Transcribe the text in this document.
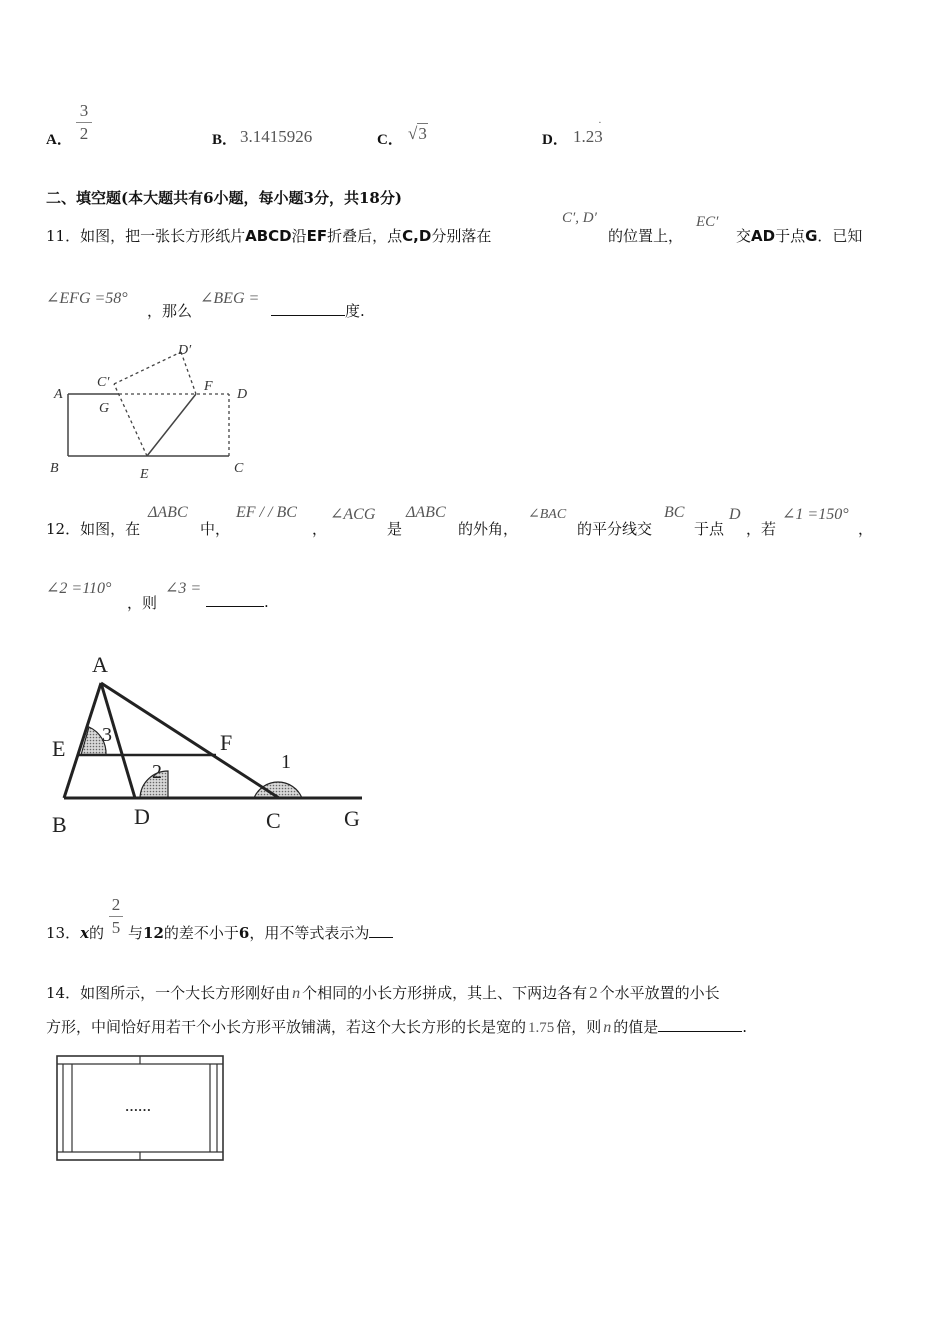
A．
3
2	B． 3.1415926	C． √3	D． 1.2
·
3
二、填空题(本大题共有6小题，每小题3分，共18分)
11．如图，把一张长方形纸片ABCD沿EF折叠后，点C,D分别落在
C′, D′
的位置上，
EC′
交AD于点G．已知
∠EFG =58°
，那么
∠BEG =
度.
A
B	C
D
E
F
G
C′
D′
12．如图，在
ΔABC
中，
EF / / BC
，
∠ACG
是
ΔABC
的外角，
∠BAC
的平分线交
BC
于点
D
，若
∠1 =150°
，
∠2 =110°
，则
∠3 =
.
A
E	F
B	D	C	G
3
2	1
13．x的
2
5 与12的差不小于6，用不等式表示为
14．如图所示，一个大长方形刚好由 n 个相同的小长方形拼成，其上、下两边各有 2 个水平放置的小长
方形，中间恰好用若干个小长方形平放铺满，若这个大长方形的长是宽的 1.75 倍，则 n 的值是	.
……
